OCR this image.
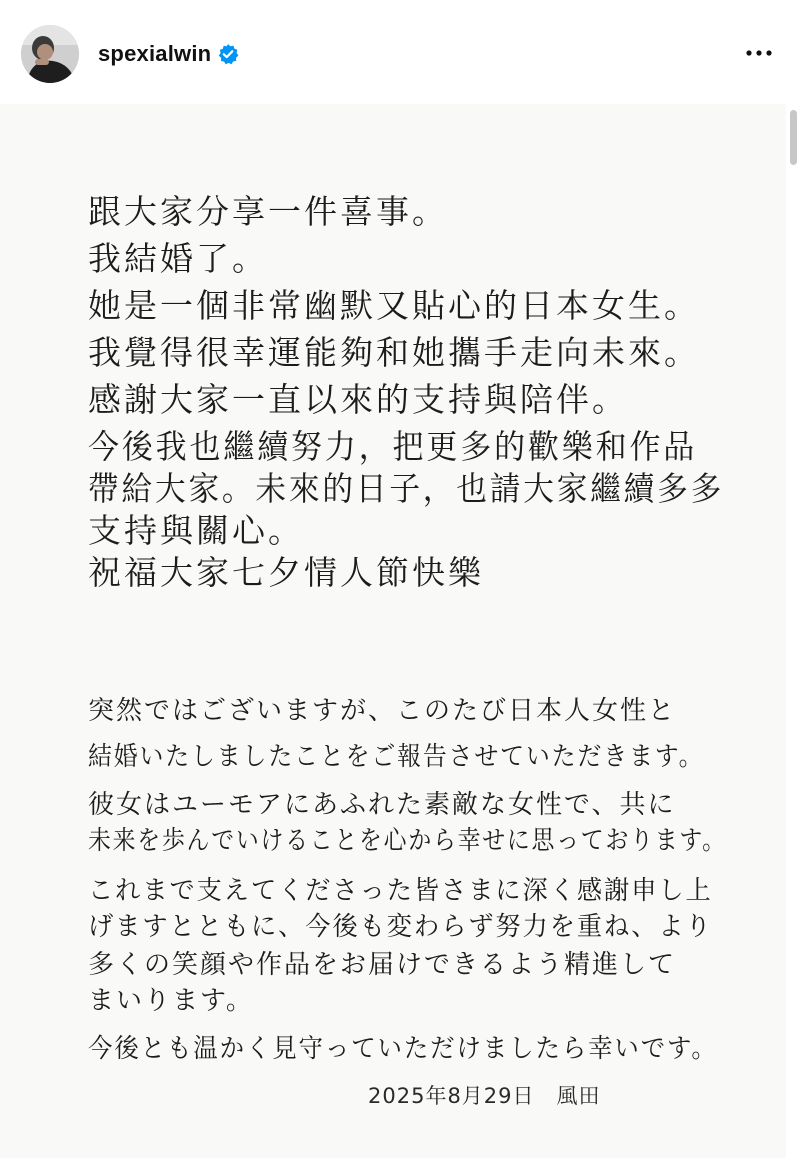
spexialwin
跟大家分享一件喜事。
我結婚了。
她是一個非常幽默又貼心的日本女生。
我覺得很幸運能夠和她攜手走向未來。
感謝大家一直以來的支持與陪伴。
今後我也繼續努力，把更多的歡樂和作品
帶給大家。未來的日子，也請大家繼續多多
支持與關心。
祝福大家七夕情人節快樂
突然ではございますが、このたび日本人女性と
結婚いたしましたことをご報告させていただきます。
彼女はユーモアにあふれた素敵な女性で、共に
未来を歩んでいけることを心から幸せに思っております。
これまで支えてくださった皆さまに深く感謝申し上
げますとともに、今後も変わらず努力を重ね、より
多くの笑顔や作品をお届けできるよう精進して
まいります。
今後とも温かく見守っていただけましたら幸いです。
2025年8月29日　風田
